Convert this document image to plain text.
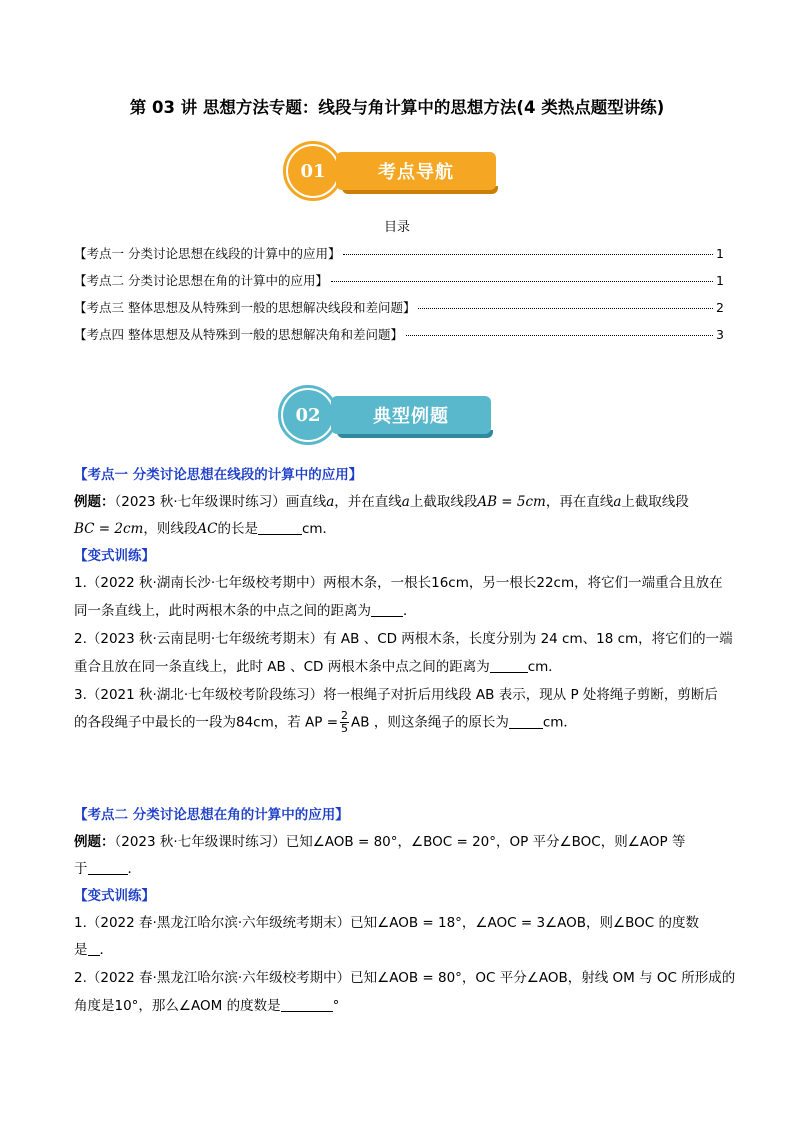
第 03 讲 思想方法专题：线段与角计算中的思想方法(4 类热点题型讲练)
考点导航
01
目录
【考点一 分类讨论思想在线段的计算中的应用】	1
【考点二 分类讨论思想在角的计算中的应用】	1
【考点三 整体思想及从特殊到一般的思想解决线段和差问题】	2
【考点四 整体思想及从特殊到一般的思想解决角和差问题】	3
典型例题
02
【考点一 分类讨论思想在线段的计算中的应用】
例题：（2023 秋·七年级课时练习）画直线a，并在直线a上截取线段AB = 5cm，再在直线a上截取线段
BC = 2cm，则线段AC的长是	cm．
【变式训练】
1.（2022 秋·湖南长沙·七年级校考期中）两根木条，一根长16cm，另一根长22cm，将它们一端重合且放在
同一条直线上，此时两根木条的中点之间的距离为 ．
2.（2023 秋·云南昆明·七年级统考期末）有 AB 、CD 两根木条，长度分别为 24 cm、18 cm，将它们的一端
重合且放在同一条直线上，此时 AB 、CD 两根木条中点之间的距离为	cm．
3.（2021 秋·湖北·七年级校考阶段练习）将一根绳子对折后用线段 AB 表示，现从 P 处将绳子剪断，剪断后
的各段绳子中最长的一段为84cm，若 AP = $\frac{2}{5}$ AB ，则这条绳子的原长为	cm．
【考点二 分类讨论思想在角的计算中的应用】
例题：（2023 秋·七年级课时练习）已知∠AOB = 80°，∠BOC = 20°，OP 平分∠BOC，则∠AOP 等
于	．
【变式训练】
1.（2022 春·黑龙江哈尔滨·六年级统考期末）已知∠AOB = 18°，∠AOC = 3∠AOB，则∠BOC 的度数
是 ．
2.（2022 春·黑龙江哈尔滨·六年级校考期中）已知∠AOB = 80°，OC 平分∠AOB，射线 OM 与 OC 所形成的
角度是10°，那么∠AOM 的度数是	°
